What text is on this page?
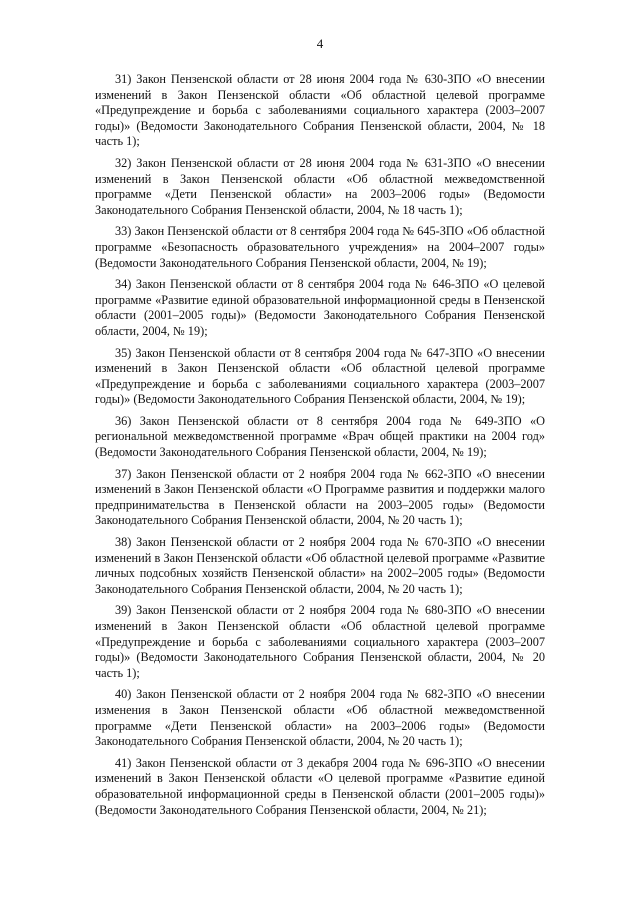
4

31) Закон Пензенской области от 28 июня 2004 года № 630-ЗПО «О внесении изменений в Закон Пензенской области «Об областной целевой программе «Предупреждение и борьба с заболеваниями социального характера (2003–2007 годы)» (Ведомости Законодательного Собрания Пензенской области, 2004, № 18 часть 1);

32) Закон Пензенской области от 28 июня 2004 года № 631-ЗПО «О внесении изменений в Закон Пензенской области «Об областной межведомственной программе «Дети Пензенской области» на 2003–2006 годы» (Ведомости Законодательного Собрания Пензенской области, 2004, № 18 часть 1);

33) Закон Пензенской области от 8 сентября 2004 года № 645-ЗПО «Об областной программе «Безопасность образовательного учреждения» на 2004–2007 годы» (Ведомости Законодательного Собрания Пензенской области, 2004, № 19);

34) Закон Пензенской области от 8 сентября 2004 года № 646-ЗПО «О целевой программе «Развитие единой образовательной информационной среды в Пензенской области (2001–2005 годы)» (Ведомости Законодательного Собрания Пензенской области, 2004, № 19);

35) Закон Пензенской области от 8 сентября 2004 года № 647-ЗПО «О внесении изменений в Закон Пензенской области «Об областной целевой программе «Предупреждение и борьба с заболеваниями социального характера (2003–2007 годы)» (Ведомости Законодательного Собрания Пензенской области, 2004, № 19);

36) Закон Пензенской области от 8 сентября 2004 года № 649-ЗПО «О региональной межведомственной программе «Врач общей практики на 2004 год» (Ведомости Законодательного Собрания Пензенской области, 2004, № 19);

37) Закон Пензенской области от 2 ноября 2004 года № 662-ЗПО «О внесении изменений в Закон Пензенской области «О Программе развития и поддержки малого предпринимательства в Пензенской области на 2003–2005 годы» (Ведомости Законодательного Собрания Пензенской области, 2004, № 20 часть 1);

38) Закон Пензенской области от 2 ноября 2004 года № 670-ЗПО «О внесении изменений в Закон Пензенской области «Об областной целевой программе «Развитие личных подсобных хозяйств Пензенской области» на 2002–2005 годы» (Ведомости Законодательного Собрания Пензенской области, 2004, № 20 часть 1);

39) Закон Пензенской области от 2 ноября 2004 года № 680-ЗПО «О внесении изменений в Закон Пензенской области «Об областной целевой программе «Предупреждение и борьба с заболеваниями социального характера (2003–2007 годы)» (Ведомости Законодательного Собрания Пензенской области, 2004, № 20 часть 1);

40) Закон Пензенской области от 2 ноября 2004 года № 682-ЗПО «О внесении изменения в Закон Пензенской области «Об областной межведомственной программе «Дети Пензенской области» на 2003–2006 годы» (Ведомости Законодательного Собрания Пензенской области, 2004, № 20 часть 1);

41) Закон Пензенской области от 3 декабря 2004 года № 696-ЗПО «О внесении изменений в Закон Пензенской области «О целевой программе «Развитие единой образовательной информационной среды в Пензенской области (2001–2005 годы)» (Ведомости Законодательного Собрания Пензенской области, 2004, № 21);
